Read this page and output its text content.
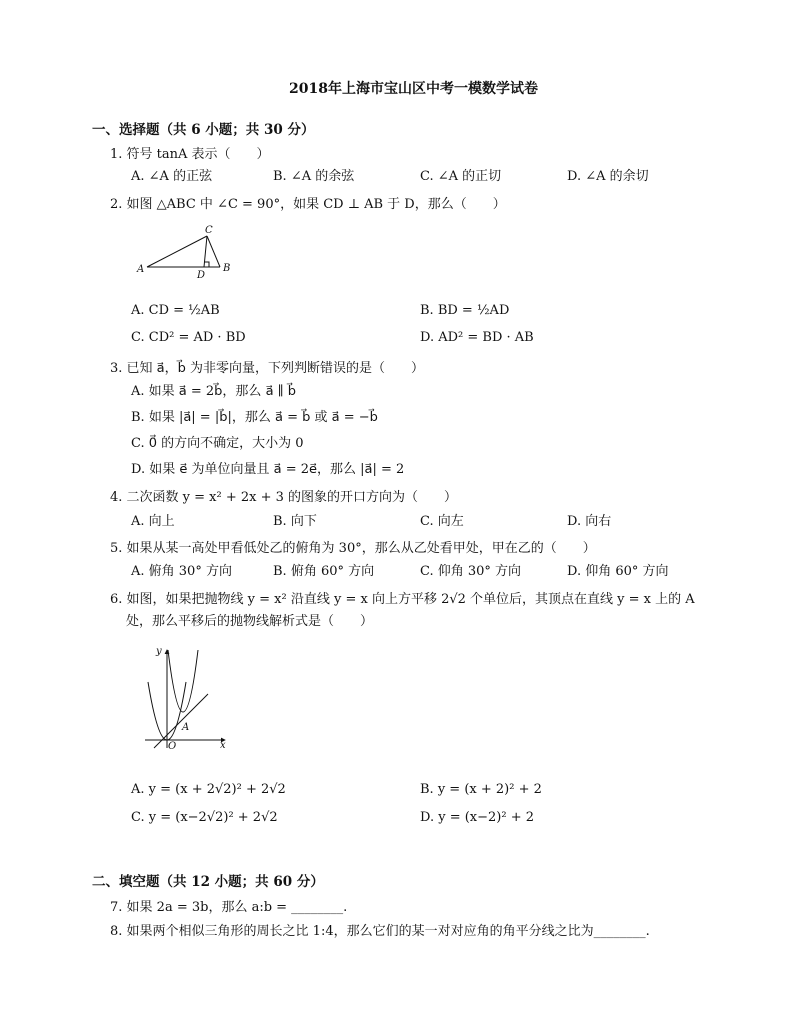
2018年上海市宝山区中考一模数学试卷
一、选择题（共 6 小题；共 30 分）
1. 符号 tanA 表示（　　）
A. ∠A 的正弦	B. ∠A 的余弦	C. ∠A 的正切	D. ∠A 的余切
2. 如图 △ABC 中 ∠C = 90°，如果 CD ⊥ AB 于 D，那么（　　）
C
A
D
B
A. CD = ½AB	B. BD = ½AD
C. CD² = AD · BD	D. AD² = BD · AB
3. 已知 a⃗，b⃗ 为非零向量，下列判断错误的是（　　）
A. 如果 a⃗ = 2b⃗，那么 a⃗ ∥ b⃗
B. 如果 |a⃗| = |b⃗|，那么 a⃗ = b⃗ 或 a⃗ = −b⃗
C. 0⃗ 的方向不确定，大小为 0
D. 如果 e⃗ 为单位向量且 a⃗ = 2e⃗，那么 |a⃗| = 2
4. 二次函数 y = x² + 2x + 3 的图象的开口方向为（　　）
A. 向上	B. 向下	C. 向左	D. 向右
5. 如果从某一高处甲看低处乙的俯角为 30°，那么从乙处看甲处，甲在乙的（　　）
A. 俯角 30° 方向	B. 俯角 60° 方向	C. 仰角 30° 方向	D. 仰角 60° 方向
6. 如图，如果把抛物线 y = x² 沿直线 y = x 向上方平移 2√2 个单位后，其顶点在直线 y = x 上的 A
处，那么平移后的抛物线解析式是（　　）
y
x
O
A
A. y = (x + 2√2)² + 2√2	B. y = (x + 2)² + 2
C. y = (x−2√2)² + 2√2	D. y = (x−2)² + 2
二、填空题（共 12 小题；共 60 分）
7. 如果 2a = 3b，那么 a:b = ________.
8. 如果两个相似三角形的周长之比 1:4，那么它们的某一对对应角的角平分线之比为________.
